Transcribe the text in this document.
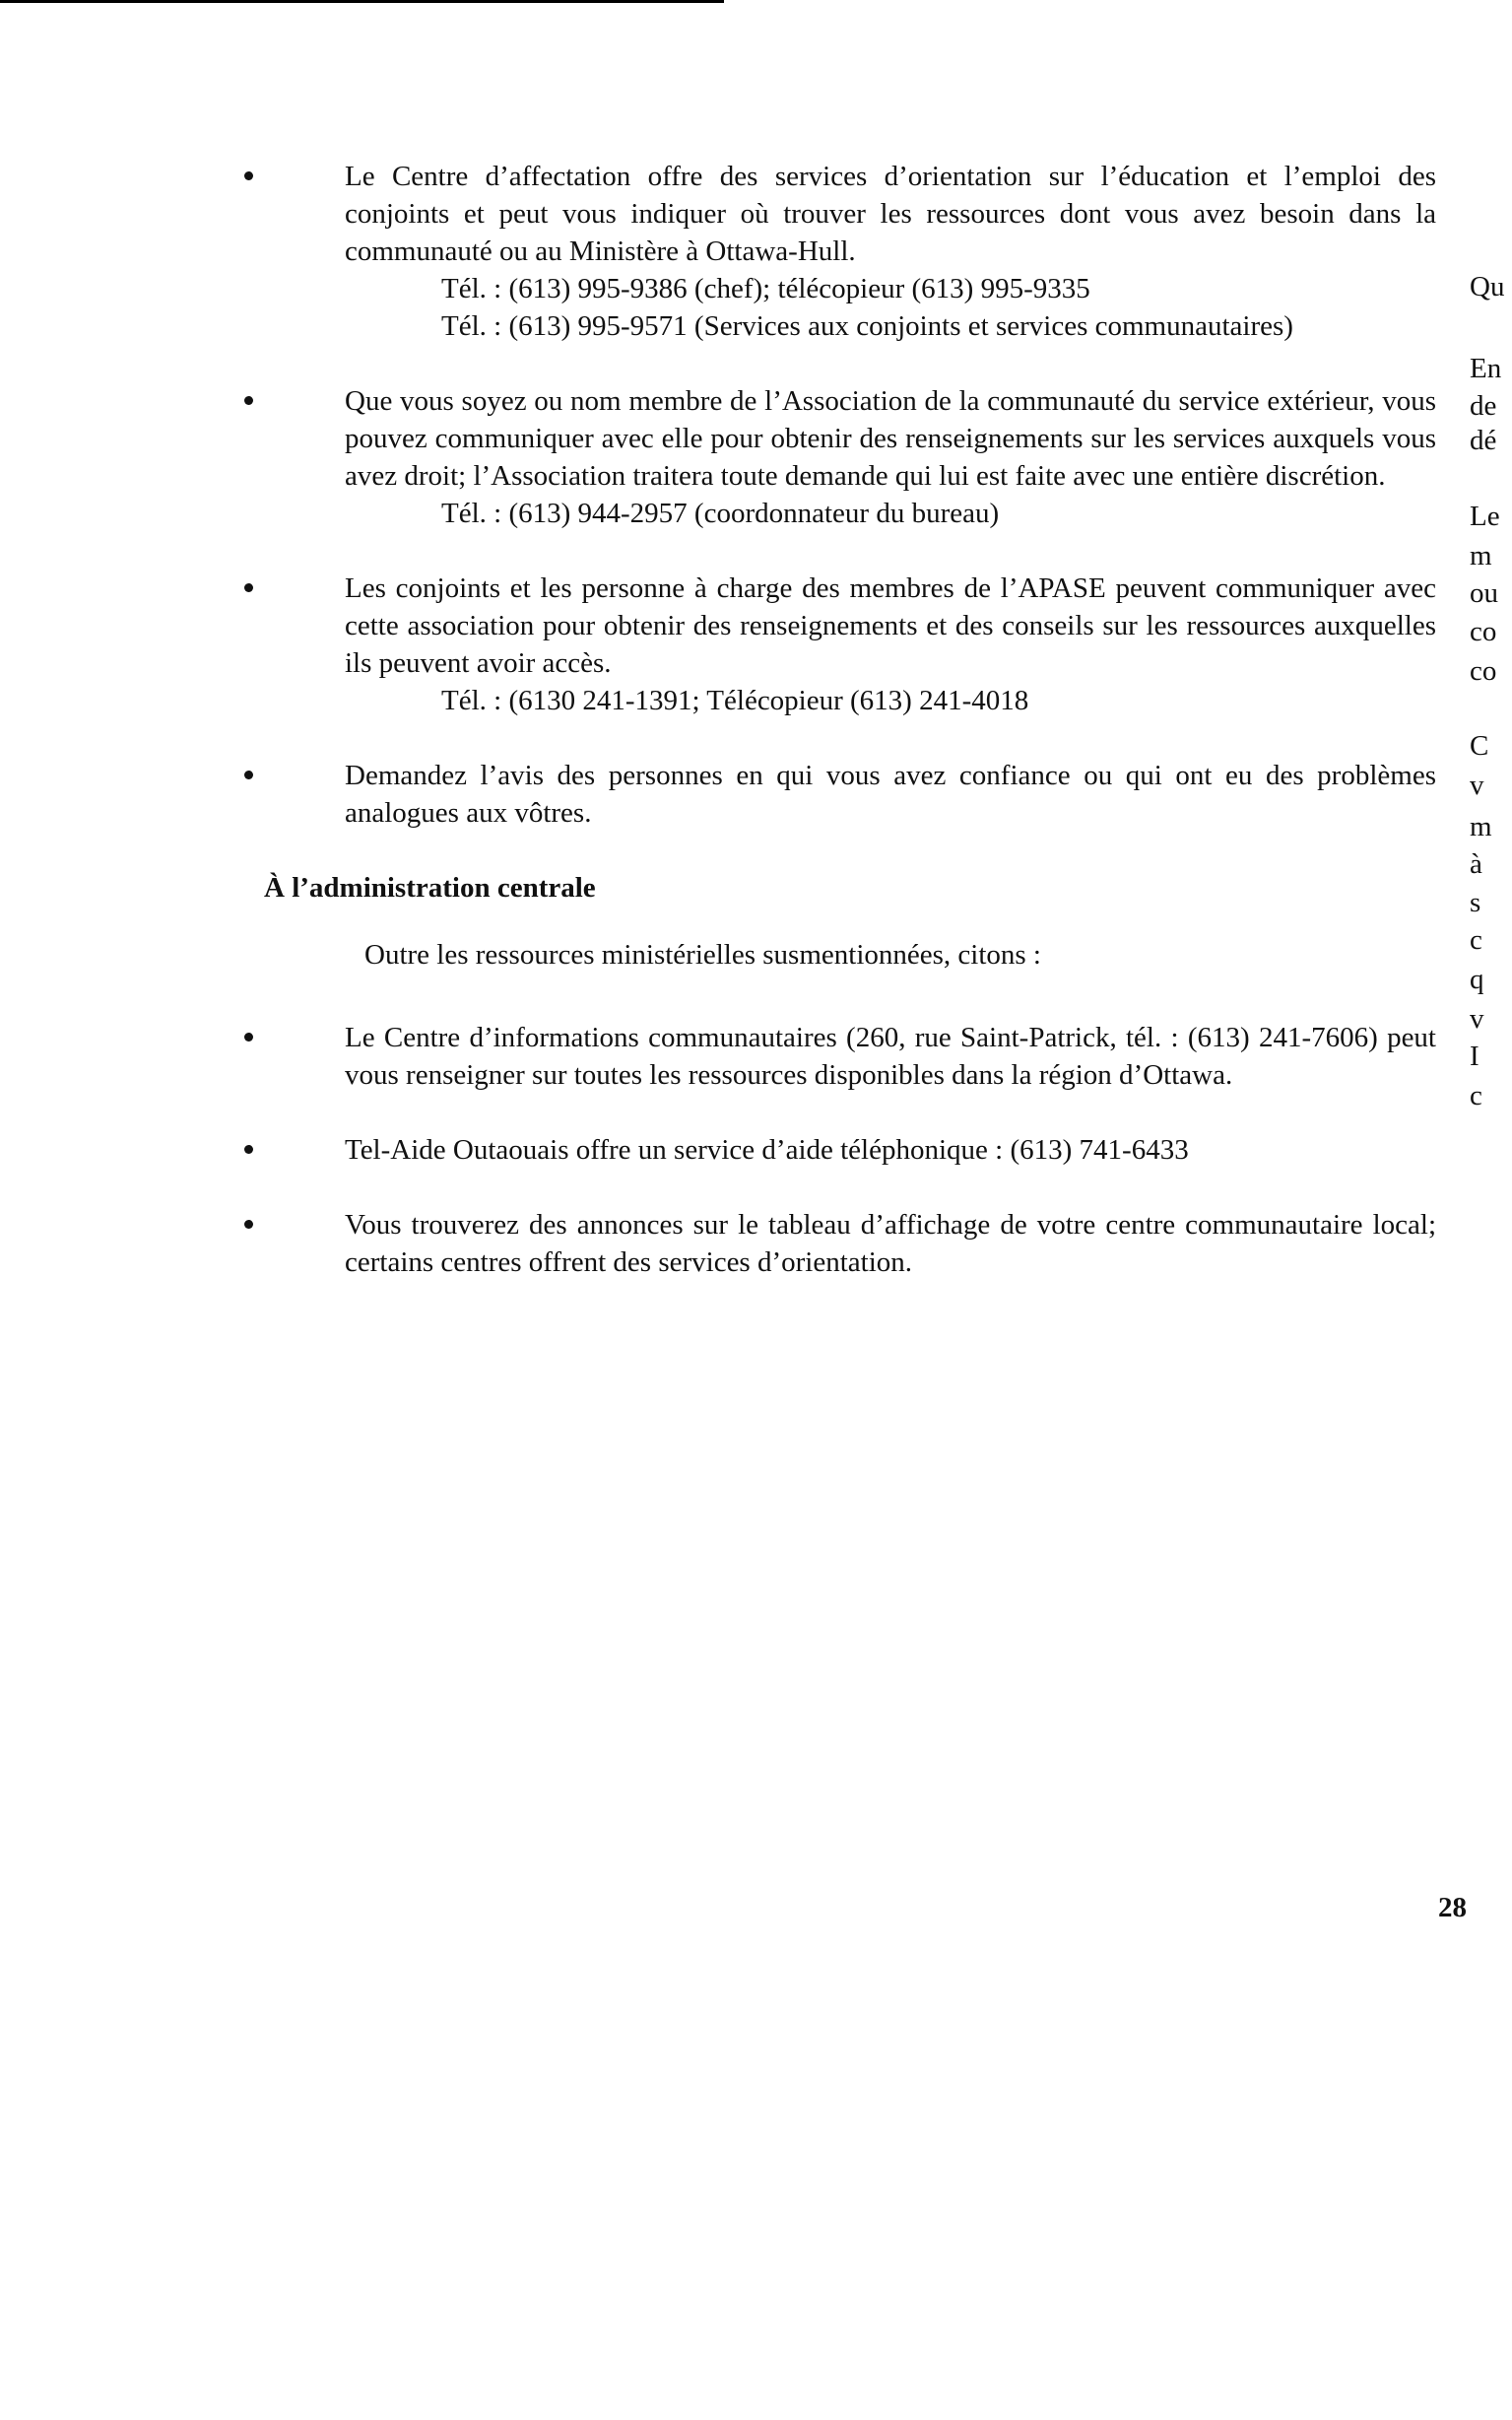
Le Centre d’affectation offre des services d’orientation sur l’éducation et l’emploi des conjoints et peut vous indiquer où trouver les ressources dont vous avez besoin dans la communauté ou au Ministère à Ottawa-Hull.
Tél. : (613) 995-9386 (chef); télécopieur (613) 995-9335
Tél. : (613) 995-9571 (Services aux conjoints et services communautaires)
Que vous soyez ou nom membre de l’Association de la communauté du service extérieur, vous pouvez communiquer avec elle pour obtenir des renseignements sur les services auxquels vous avez droit; l’Association traitera toute demande qui lui est faite avec une entière discrétion.
Tél. : (613) 944-2957 (coordonnateur du bureau)
Les conjoints et les personne à charge des membres de l’APASE peuvent communiquer avec cette association pour obtenir des renseignements et des conseils sur les ressources auxquelles ils peuvent avoir accès.
Tél. : (6130 241-1391; Télécopieur (613) 241-4018
Demandez l’avis des personnes en qui vous avez confiance ou qui ont eu des problèmes analogues aux vôtres.
À l’administration centrale
Outre les ressources ministérielles susmentionnées, citons :
Le Centre d’informations communautaires (260, rue Saint-Patrick, tél. : (613) 241-7606) peut vous renseigner sur toutes les ressources disponibles dans la région d’Ottawa.
Tel-Aide Outaouais offre un service d’aide téléphonique : (613) 741-6433
Vous trouverez des annonces sur le tableau d’affichage de votre centre communautaire local; certains centres offrent des services d’orientation.
Qu
En
de
dé
Le
m
ou
co
co
C
v
m
à
s
c
q
v
I
c
28
